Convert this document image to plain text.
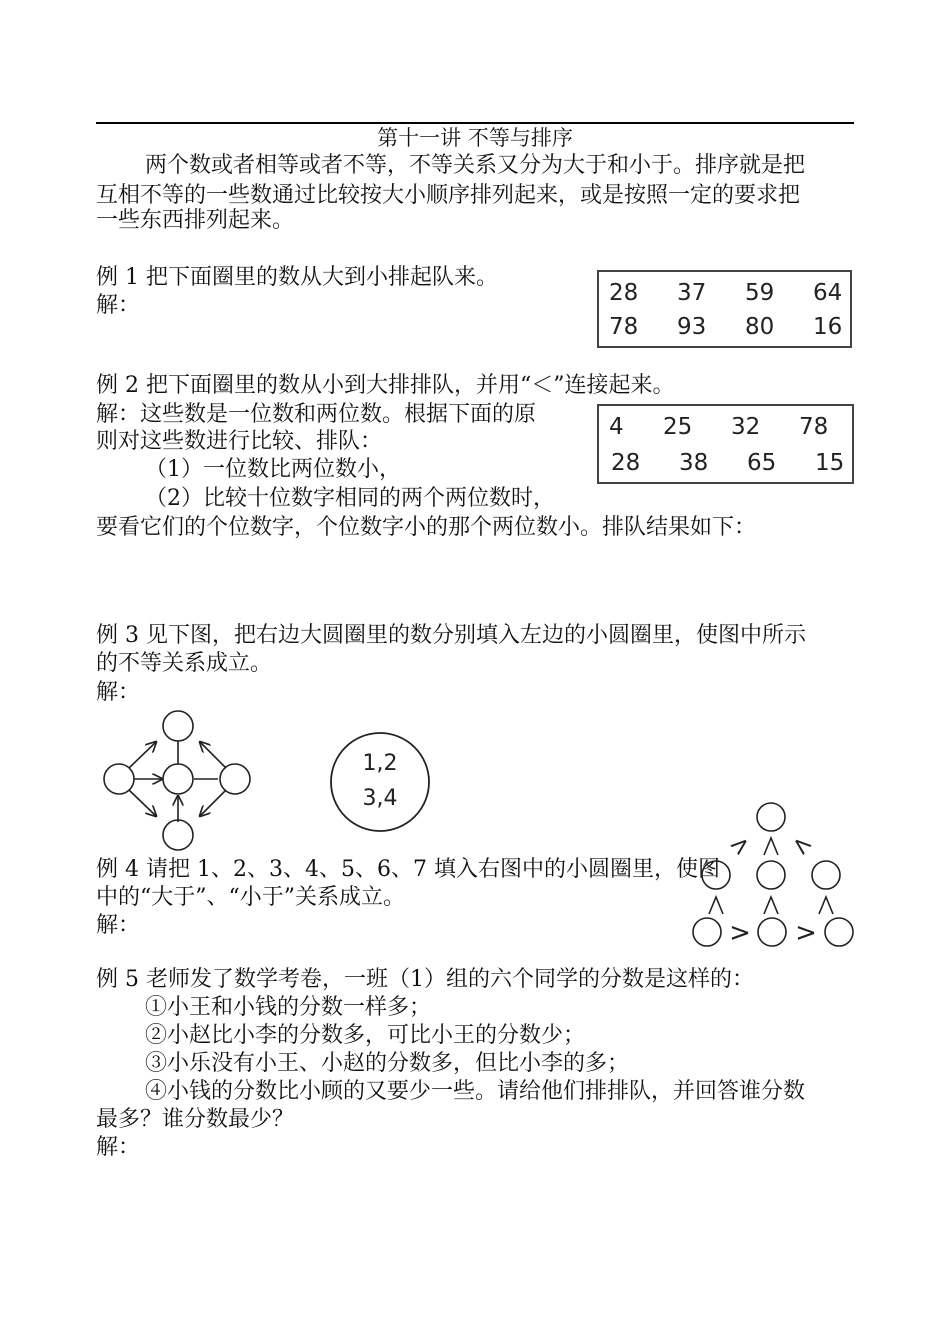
第十一讲 不等与排序
两个数或者相等或者不等，不等关系又分为大于和小于。排序就是把
互相不等的一些数通过比较按大小顺序排列起来，或是按照一定的要求把
一些东西排列起来。
例 1 把下面圈里的数从大到小排起队来。
解：	28 37 59 64
78 93 80 16
例 2 把下面圈里的数从小到大排排队，并用“＜”连接起来。
解：这些数是一位数和两位数。根据下面的原
则对这些数进行比较、排队：
（1）一位数比两位数小，
（2）比较十位数字相同的两个两位数时，
要看它们的个位数字，个位数字小的那个两位数小。排队结果如下：
4 25 32 78
28 38 65 15
例 3 见下图，把右边大圆圈里的数分别填入左边的小圆圈里，使图中所示
的不等关系成立。
解：
1,2
3,4
例 4 请把 1、2、3、4、5、6、7 填入右图中的小圆圈里，使图
中的“大于”、“小于”关系成立。
解：
> <
> >
例 5 老师发了数学考卷，一班（1）组的六个同学的分数是这样的：
①小王和小钱的分数一样多；
②小赵比小李的分数多，可比小王的分数少；
③小乐没有小王、小赵的分数多，但比小李的多；
④小钱的分数比小顾的又要少一些。请给他们排排队，并回答谁分数
最多？谁分数最少？
解：
